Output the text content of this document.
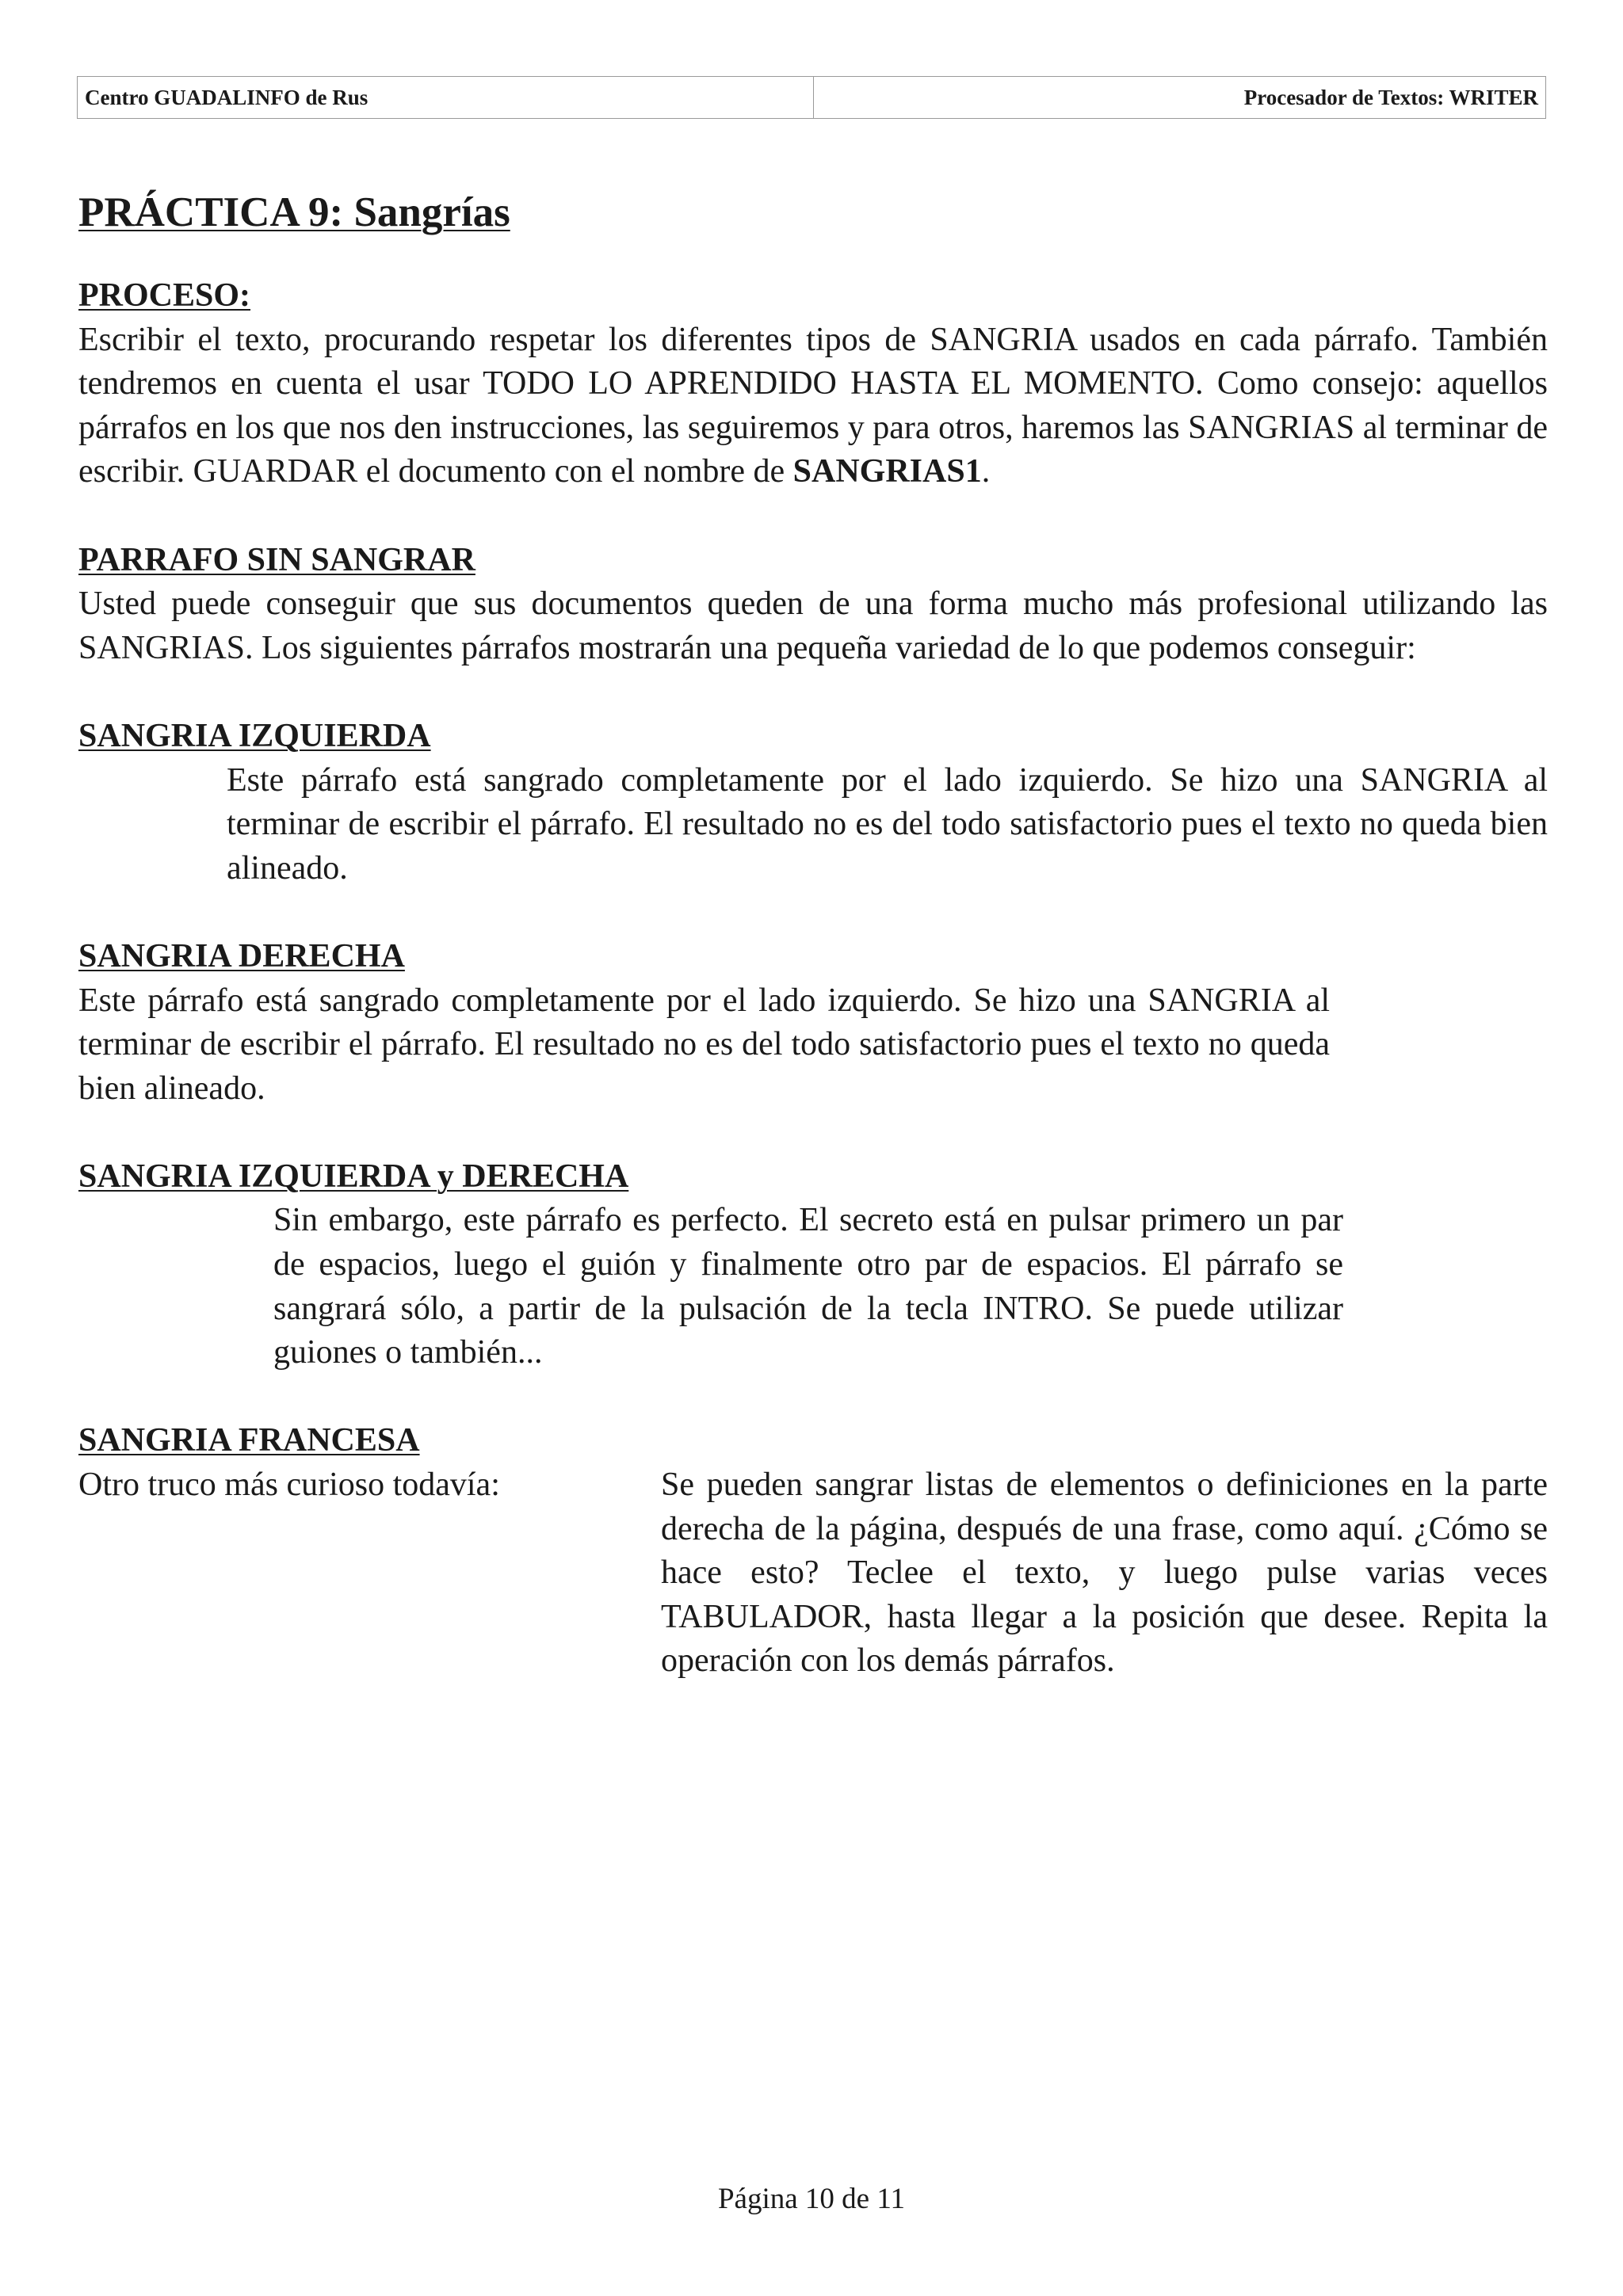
Centro GUADALINFO de Rus	Procesador de Textos: WRITER

PRÁCTICA 9: Sangrías

PROCESO:

Escribir el texto, procurando respetar los diferentes tipos de SANGRIA usados en cada párrafo. También tendremos en cuenta el usar TODO LO APRENDIDO HASTA EL MOMENTO. Como consejo: aquellos párrafos en los que nos den instrucciones, las seguiremos y para otros, haremos las SANGRIAS al terminar de escribir. GUARDAR el documento con el nombre de SANGRIAS1.

PARRAFO SIN SANGRAR

Usted puede conseguir que sus documentos queden de una forma mucho más profesional utilizando las SANGRIAS. Los siguientes párrafos mostrarán una pequeña variedad de lo que podemos conseguir:

SANGRIA IZQUIERDA

Este párrafo está sangrado completamente por el lado izquierdo. Se hizo una SANGRIA al terminar de escribir el párrafo. El resultado no es del todo satisfactorio pues el texto no queda bien alineado.

SANGRIA DERECHA

Este párrafo está sangrado completamente por el lado izquierdo. Se hizo una SANGRIA al terminar de escribir el párrafo. El resultado no es del todo satisfactorio pues el texto no queda bien alineado.

SANGRIA IZQUIERDA y DERECHA

Sin embargo, este párrafo es perfecto. El secreto está en pulsar primero un par de espacios, luego el guión y finalmente otro par de espacios. El párrafo se sangrará sólo, a partir de la pulsación de la tecla INTRO. Se puede utilizar guiones o también...

SANGRIA FRANCESA

Otro truco más curioso todavía:	Se pueden sangrar listas de elementos o definiciones en la parte derecha de la página, después de una frase, como aquí. ¿Cómo se hace esto? Teclee el texto, y luego pulse varias veces TABULADOR, hasta llegar a la posición que desee. Repita la operación con los demás párrafos.
Página 10 de 11
